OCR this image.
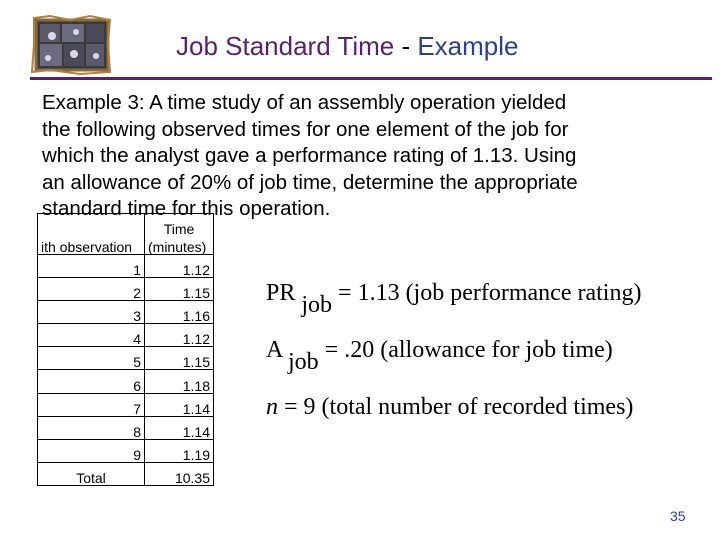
Job Standard Time - Example
Example 3: A time study of an assembly operation yielded
the following observed times for one element of the job for
which the analyst gave a performance rating of 1.13. Using
an allowance of 20% of job time, determine the appropriate
standard time for this operation.
ith observation	Time
(minutes)

1	1.12
2	1.15
3	1.16
4	1.12
5	1.15
6	1.18
7	1.14
8	1.14
9	1.19
Total	10.35
PR job = 1.13 (job performance rating)
A job = .20 (allowance for job time)
n = 9 (total number of recorded times)
35
